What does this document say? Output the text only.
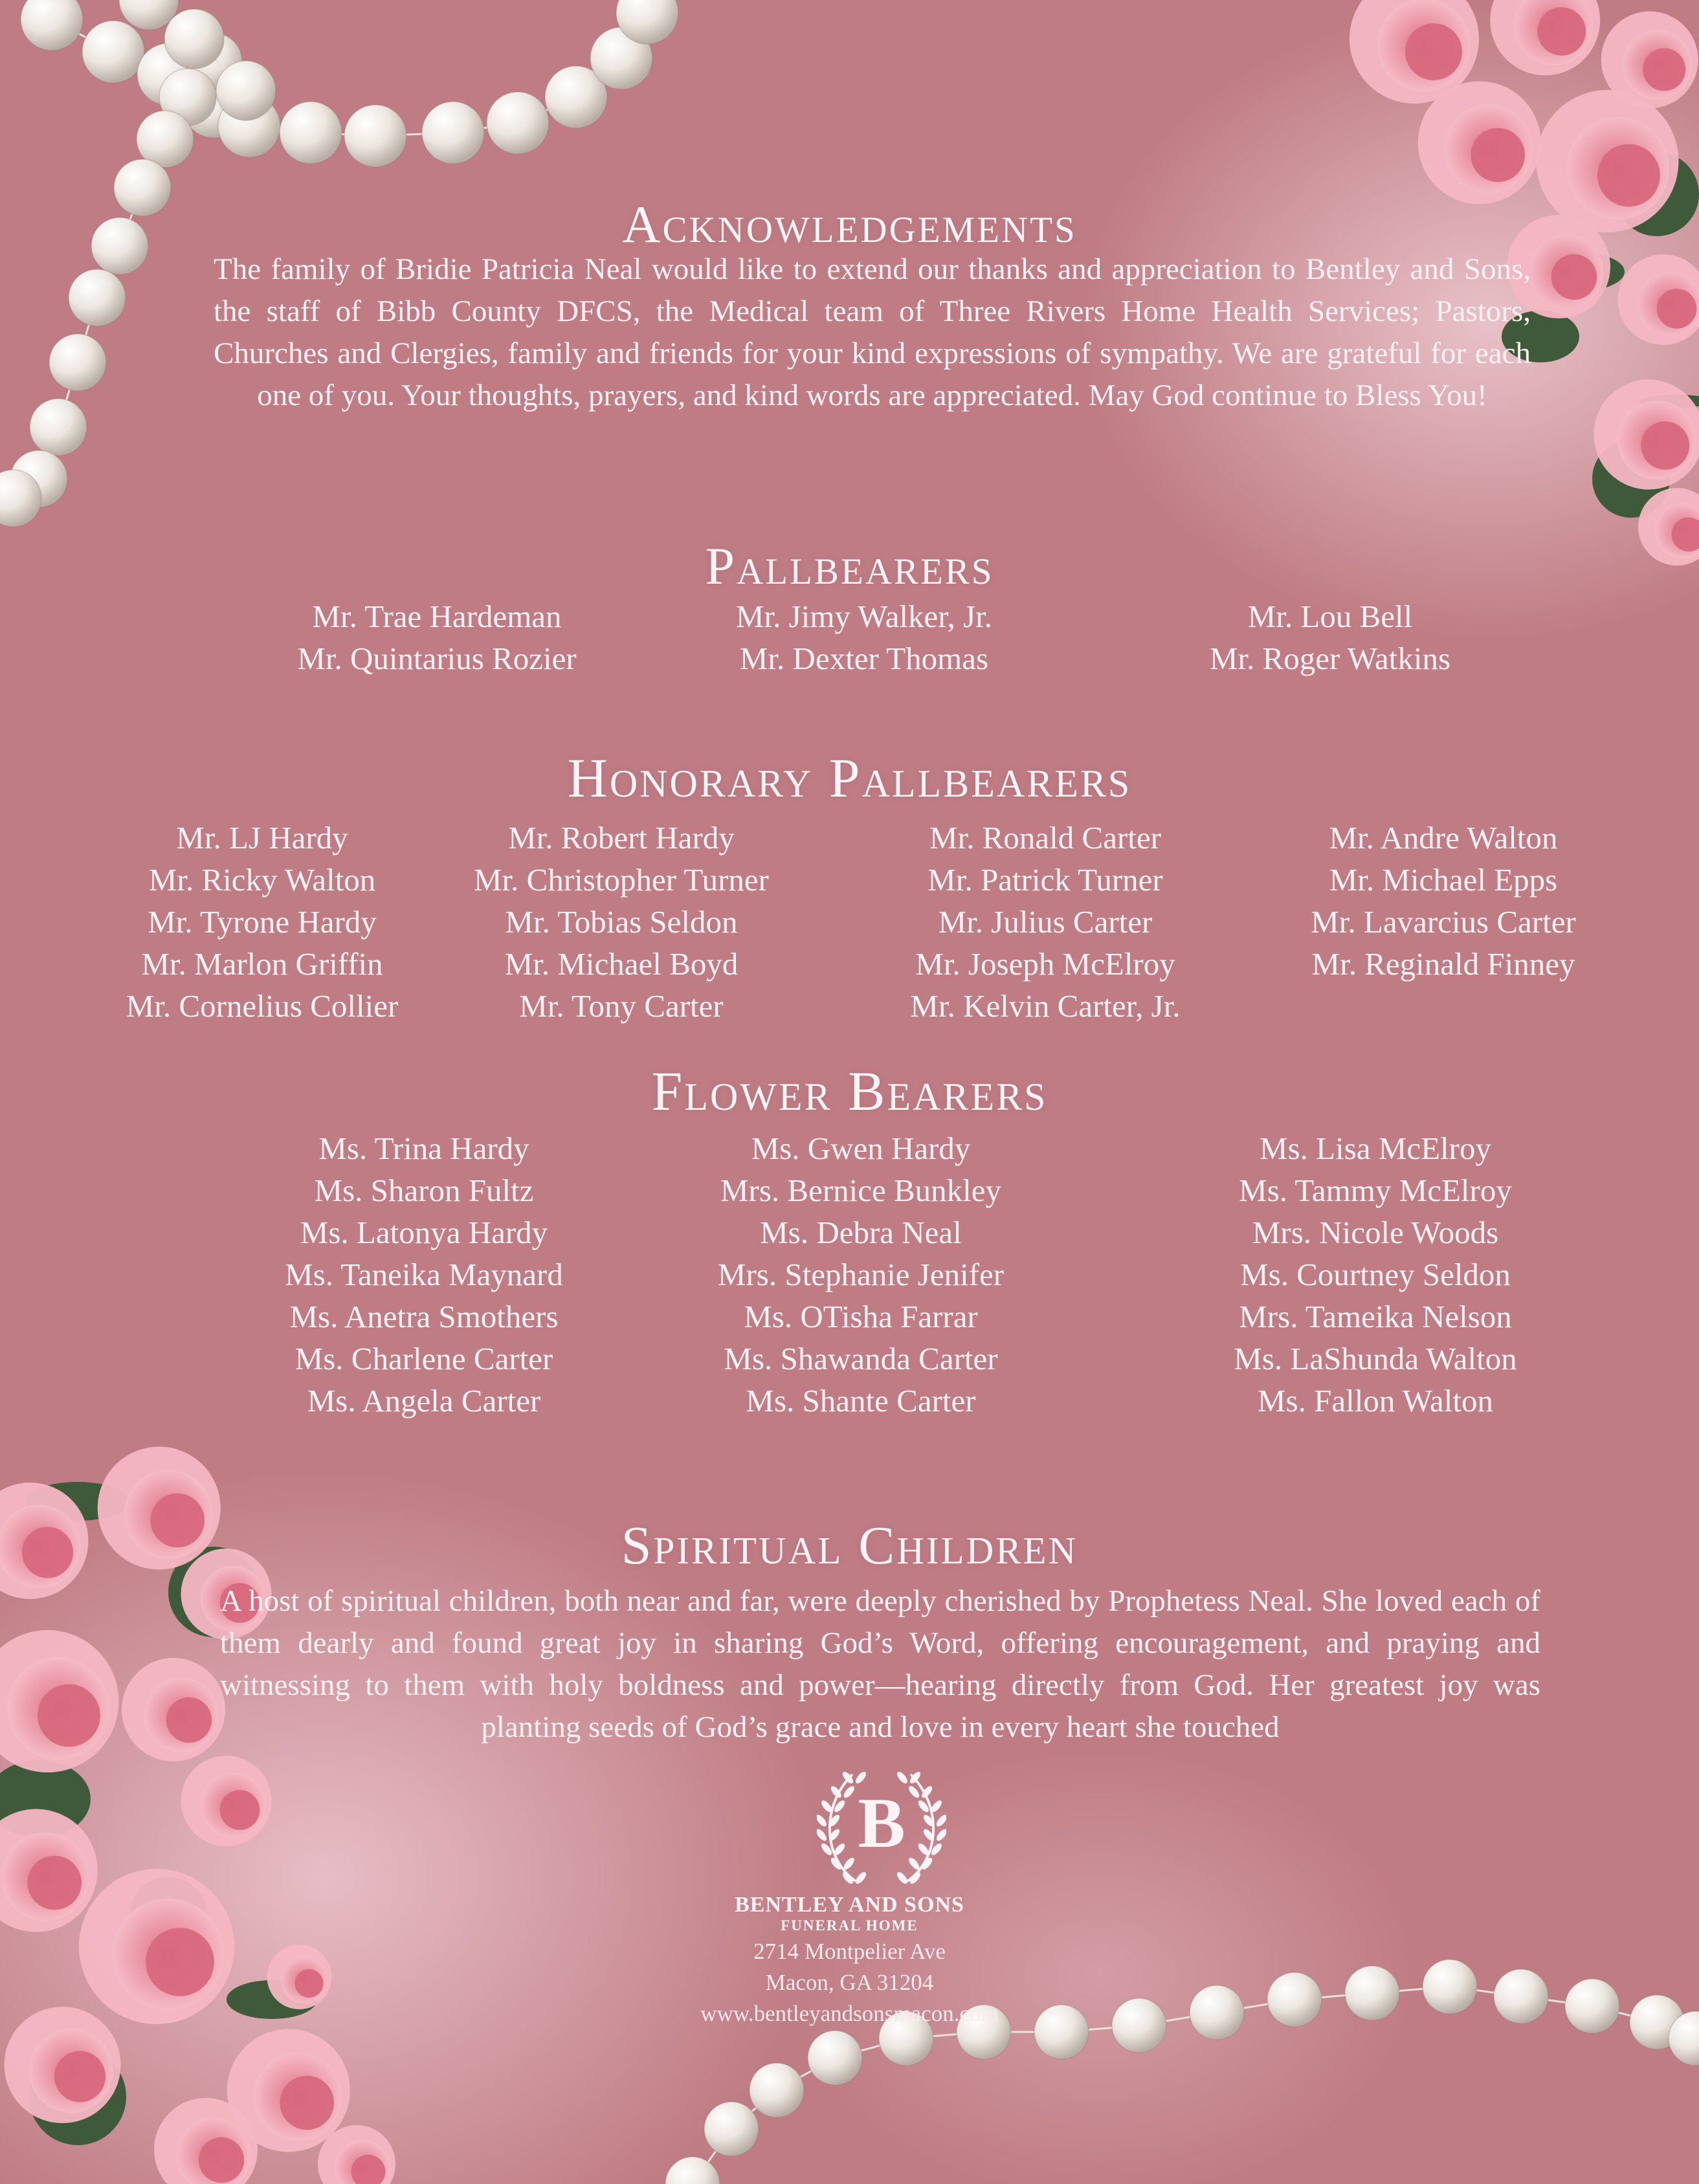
Acknowledgements
The family of Bridie Patricia Neal would like to extend our thanks and appreciation to Bentley and Sons, the staff of Bibb County DFCS, the Medical team of Three Rivers Home Health Services; Pastors, Churches and Clergies, family and friends for your kind expressions of sympathy. We are grateful for each one of you. Your thoughts, prayers, and kind words are appreciated. May God continue to Bless You!
Pallbearers
Mr. Trae Hardeman
Mr. Quintarius Rozier
Mr. Jimy Walker, Jr.
Mr. Dexter Thomas
Mr. Lou Bell
Mr. Roger Watkins
Honorary Pallbearers
Mr. LJ Hardy
Mr. Ricky Walton
Mr. Tyrone Hardy
Mr. Marlon Griffin
Mr. Cornelius Collier
Mr. Robert Hardy
Mr. Christopher Turner
Mr. Tobias Seldon
Mr. Michael Boyd
Mr. Tony Carter
Mr. Ronald Carter
Mr. Patrick Turner
Mr. Julius Carter
Mr. Joseph McElroy
Mr. Kelvin Carter, Jr.
Mr. Andre Walton
Mr. Michael Epps
Mr. Lavarcius Carter
Mr. Reginald Finney
Flower Bearers
Ms. Trina Hardy
Ms. Sharon Fultz
Ms. Latonya Hardy
Ms. Taneika Maynard
Ms. Anetra Smothers
Ms. Charlene Carter
Ms. Angela Carter
Ms. Gwen Hardy
Mrs. Bernice Bunkley
Ms. Debra Neal
Mrs. Stephanie Jenifer
Ms. OTisha Farrar
Ms. Shawanda Carter
Ms. Shante Carter
Ms. Lisa McElroy
Ms. Tammy McElroy
Mrs. Nicole Woods
Ms. Courtney Seldon
Mrs. Tameika Nelson
Ms. LaShunda Walton
Ms. Fallon Walton
Spiritual Children
A host of spiritual children, both near and far, were deeply cherished by Prophetess Neal. She loved each of them dearly and found great joy in sharing God’s Word, offering encouragement, and praying and witnessing to them with holy boldness and power—hearing directly from God. Her greatest joy was planting seeds of God’s grace and love in every heart she touched
B
BENTLEY AND SONS
FUNERAL HOME
2714 Montpelier Ave
Macon, GA 31204
www.bentleyandsonsmacon.com
